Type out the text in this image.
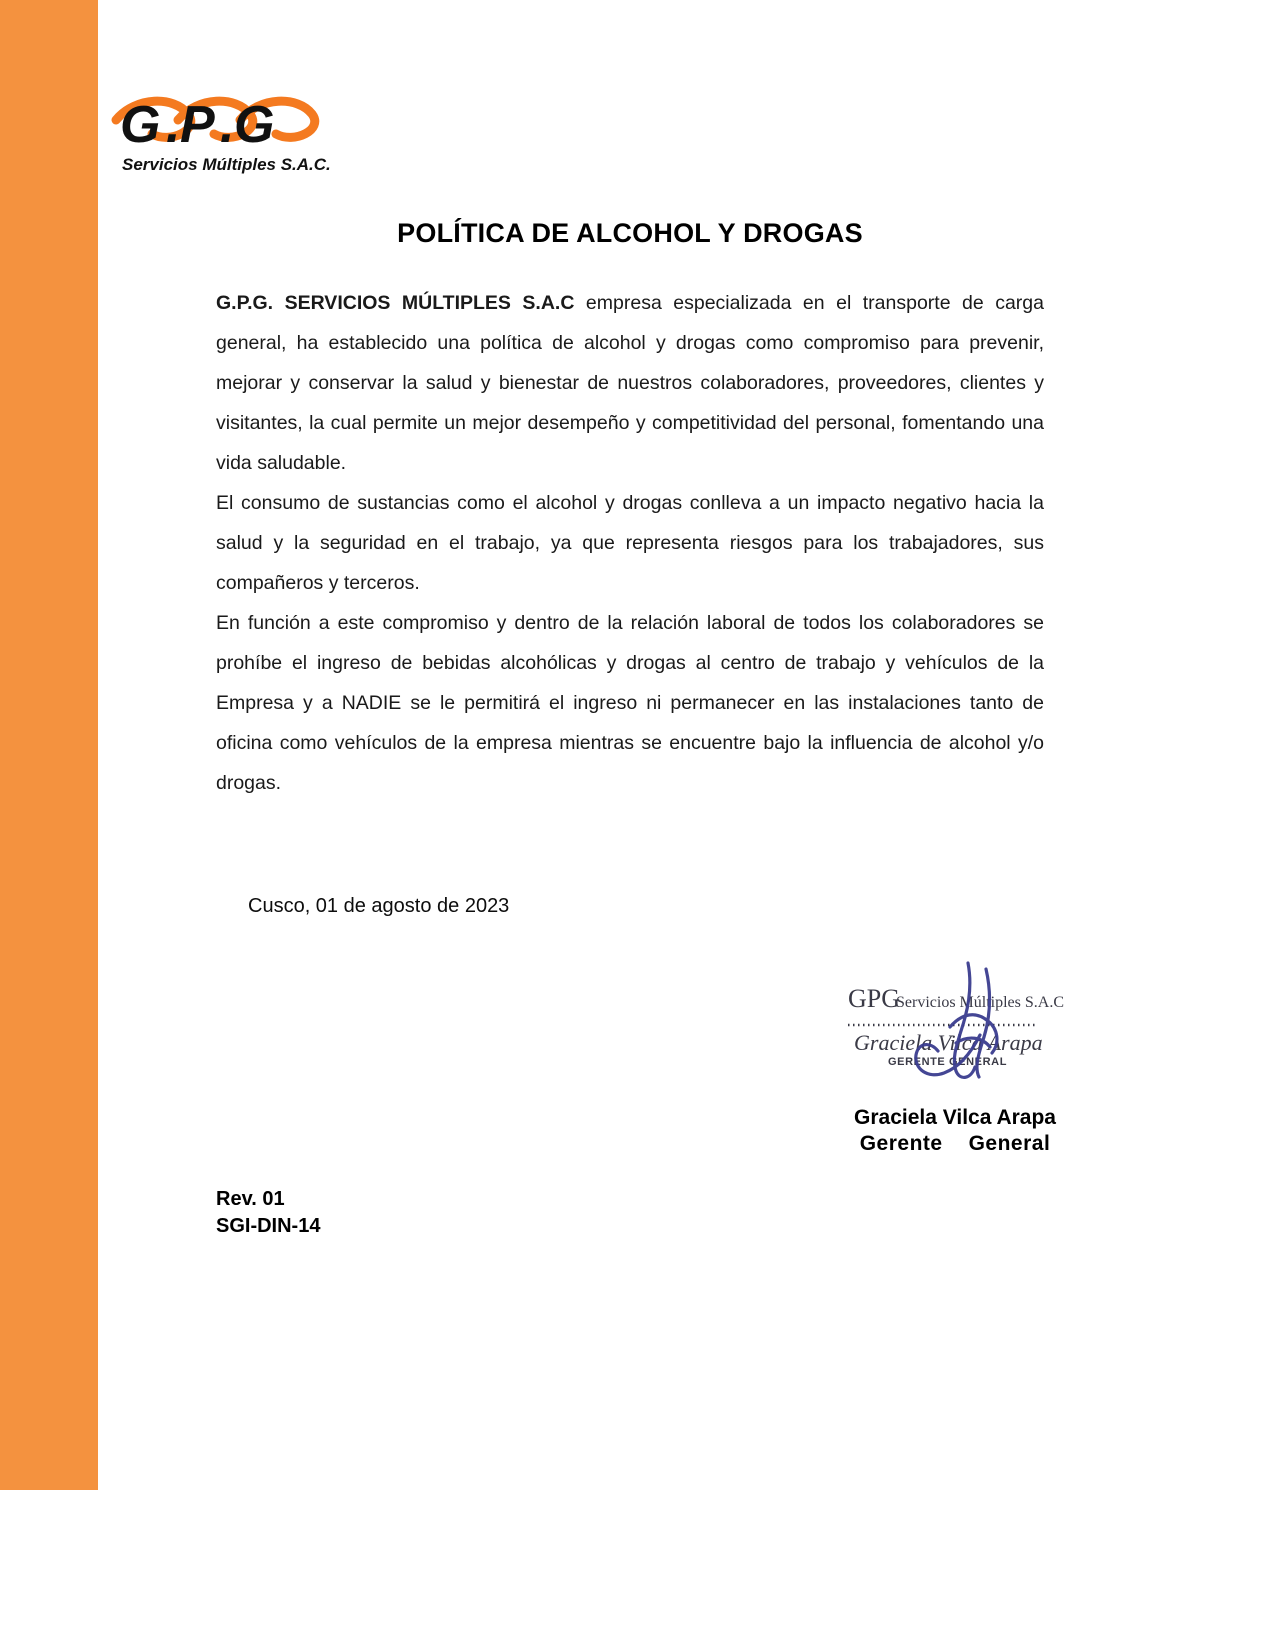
G . P . G
Servicios Múltiples S.A.C.
POLÍTICA DE ALCOHOL Y DROGAS

G.P.G. SERVICIOS MÚLTIPLES S.A.C empresa especializada en el transporte de carga general, ha establecido una política de alcohol y drogas como compromiso para prevenir, mejorar y conservar la salud y bienestar de nuestros colaboradores, proveedores, clientes y visitantes, la cual permite un mejor desempeño y competitividad del personal, fomentando una vida saludable.

El consumo de sustancias como el alcohol y drogas conlleva a un impacto negativo hacia la salud y la seguridad en el trabajo, ya que representa riesgos para los trabajadores, sus compañeros y terceros.

En función a este compromiso y dentro de la relación laboral de todos los colaboradores se prohíbe el ingreso de bebidas alcohólicas y drogas al centro de trabajo y vehículos de la Empresa y a NADIE se le permitirá el ingreso ni permanecer en las instalaciones tanto de oficina como vehículos de la empresa mientras se encuentre bajo la influencia de alcohol y/o drogas.

Cusco, 01 de agosto de 2023
GPG
Servicios Múltiples S.A.C
Graciela Vilca Arapa
GERENTE GENERAL
Graciela Vilca Arapa
Gerente General
Rev. 01
SGI-DIN-14
